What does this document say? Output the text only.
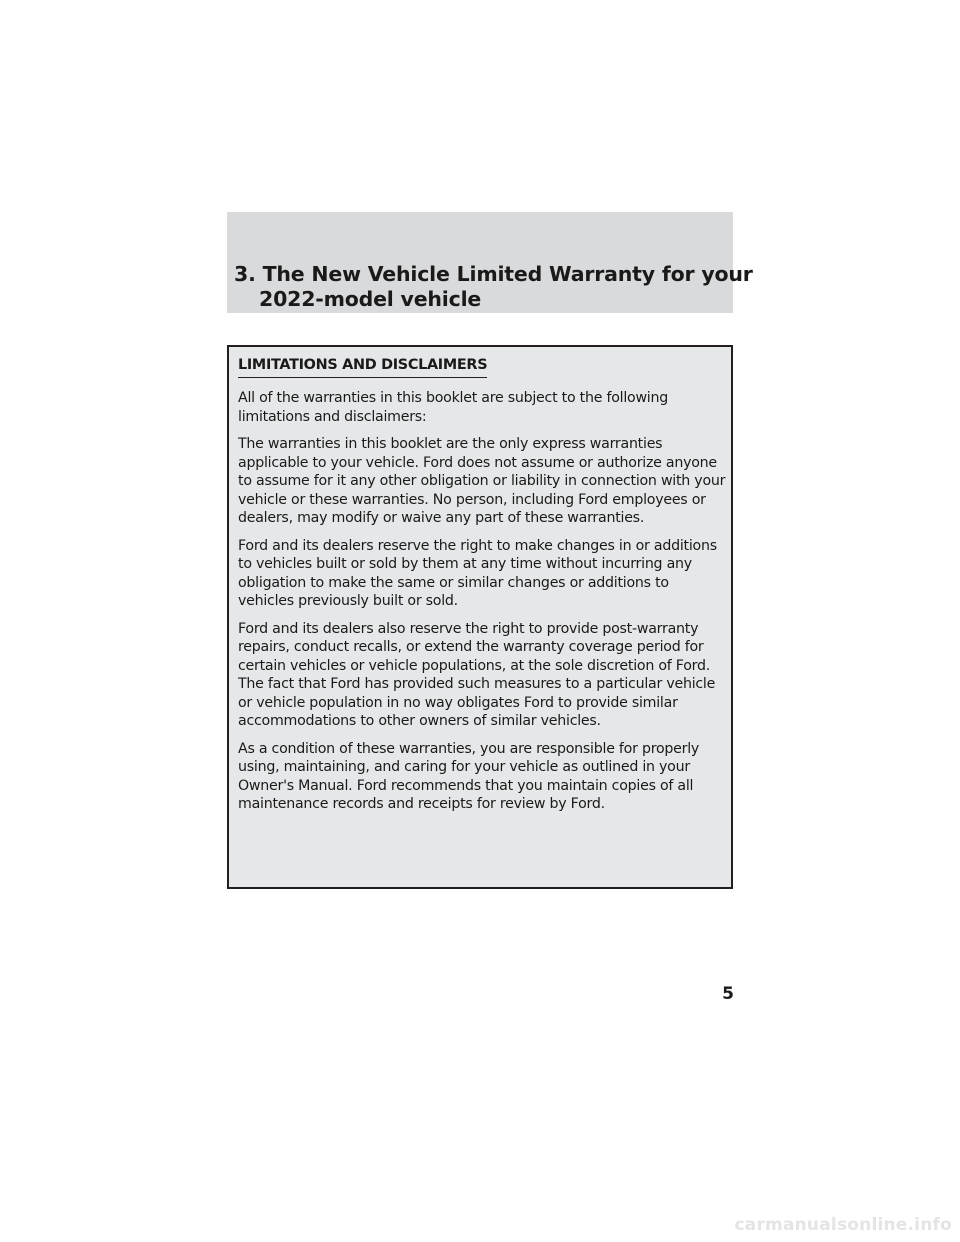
3. The New Vehicle Limited Warranty for your
2022-model vehicle
LIMITATIONS AND DISCLAIMERS

All of the warranties in this booklet are subject to the following limitations and disclaimers:

The warranties in this booklet are the only express warranties applicable to your vehicle. Ford does not assume or authorize anyone to assume for it any other obligation or liability in connection with your vehicle or these warranties. No person, including Ford employees or dealers, may modify or waive any part of these warranties.

Ford and its dealers reserve the right to make changes in or additions to vehicles built or sold by them at any time without incurring any obligation to make the same or similar changes or additions to vehicles previously built or sold.

Ford and its dealers also reserve the right to provide post-warranty repairs, conduct recalls, or extend the warranty coverage period for certain vehicles or vehicle populations, at the sole discretion of Ford. The fact that Ford has provided such measures to a particular vehicle or vehicle population in no way obligates Ford to provide similar accommodations to other owners of similar vehicles.

As a condition of these warranties, you are responsible for properly using, maintaining, and caring for your vehicle as outlined in your Owner's Manual. Ford recommends that you maintain copies of all maintenance records and receipts for review by Ford.

5
carmanualsonline.info
